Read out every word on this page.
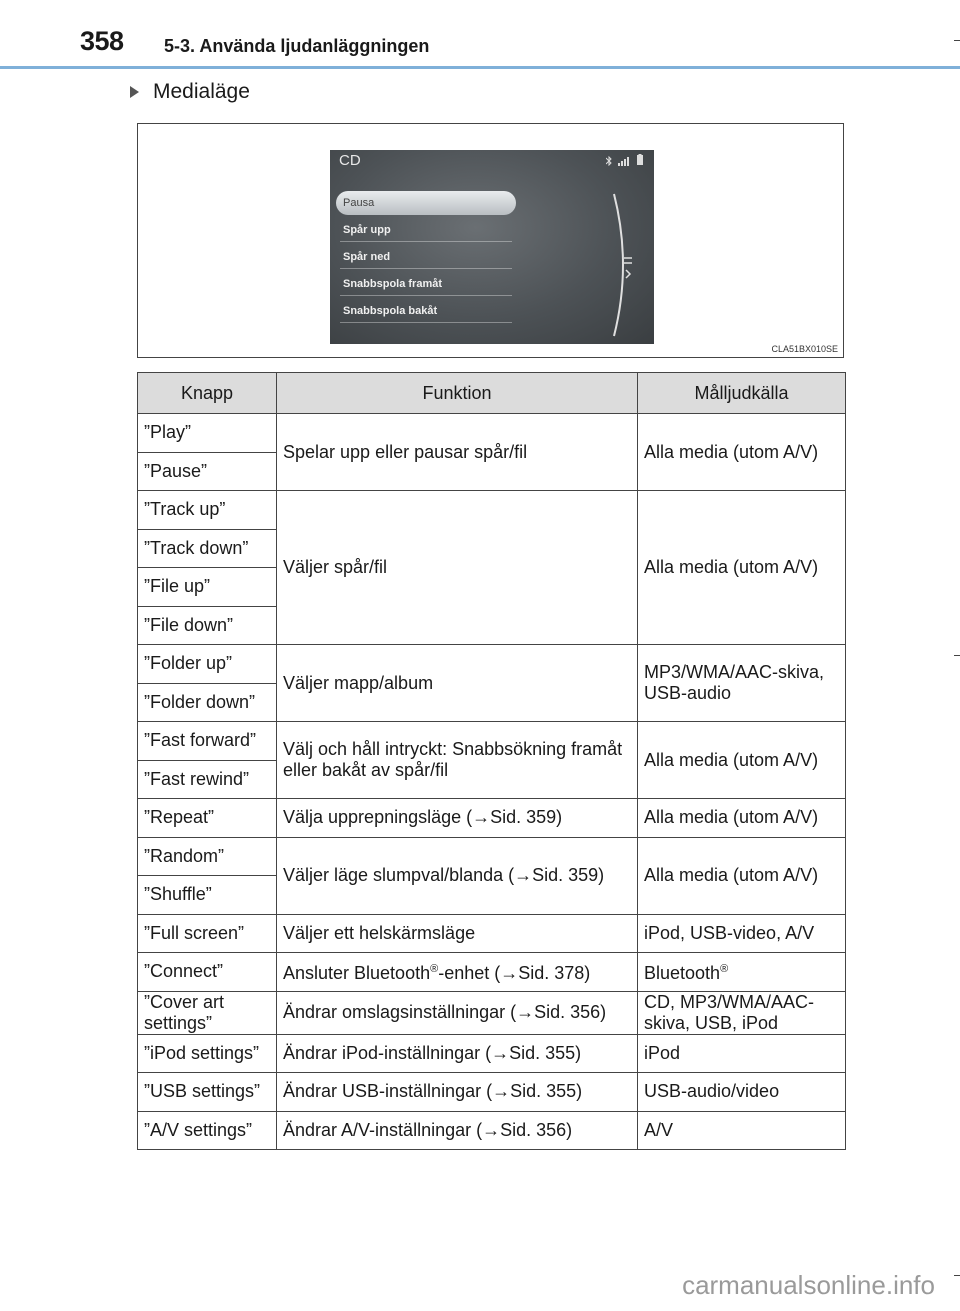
358 5-3. Använda ljudanläggningen
Medialäge
CD
Pausa
Spår upp
Spår ned
Snabbspola framåt
Snabbspola bakåt
CLA51BX010SE
Knapp	Funktion	Målljudkälla
”Play”	Spelar upp eller pausar spår/fil	Alla media (utom A/V)
”Pause”		
”Track up”	Väljer spår/fil	Alla media (utom A/V)
”Track down”		
”File up”		
”File down”		
”Folder up”	Väljer mapp/album	MP3/WMA/AAC-skiva, USB-audio
”Folder down”		
”Fast forward”	Välj och håll intryckt: Snabbsökning framåt eller bakåt av spår/fil	Alla media (utom A/V)
”Fast rewind”		
”Repeat”	Välja upprepningsläge (→Sid. 359)	Alla media (utom A/V)
”Random”	Väljer läge slumpval/blanda (→Sid. 359)	Alla media (utom A/V)
”Shuffle”		
”Full screen”	Väljer ett helskärmsläge	iPod, USB-video, A/V
”Connect”	Ansluter Bluetooth®-enhet (→Sid. 378)	Bluetooth®
”Cover art settings”	Ändrar omslagsinställningar (→Sid. 356)	CD, MP3/WMA/AAC-skiva, USB, iPod
”iPod settings”	Ändrar iPod-inställningar (→Sid. 355)	iPod
”USB settings”	Ändrar USB-inställningar (→Sid. 355)	USB-audio/video
”A/V settings”	Ändrar A/V-inställningar (→Sid. 356)	A/V
carmanualsonline.info
